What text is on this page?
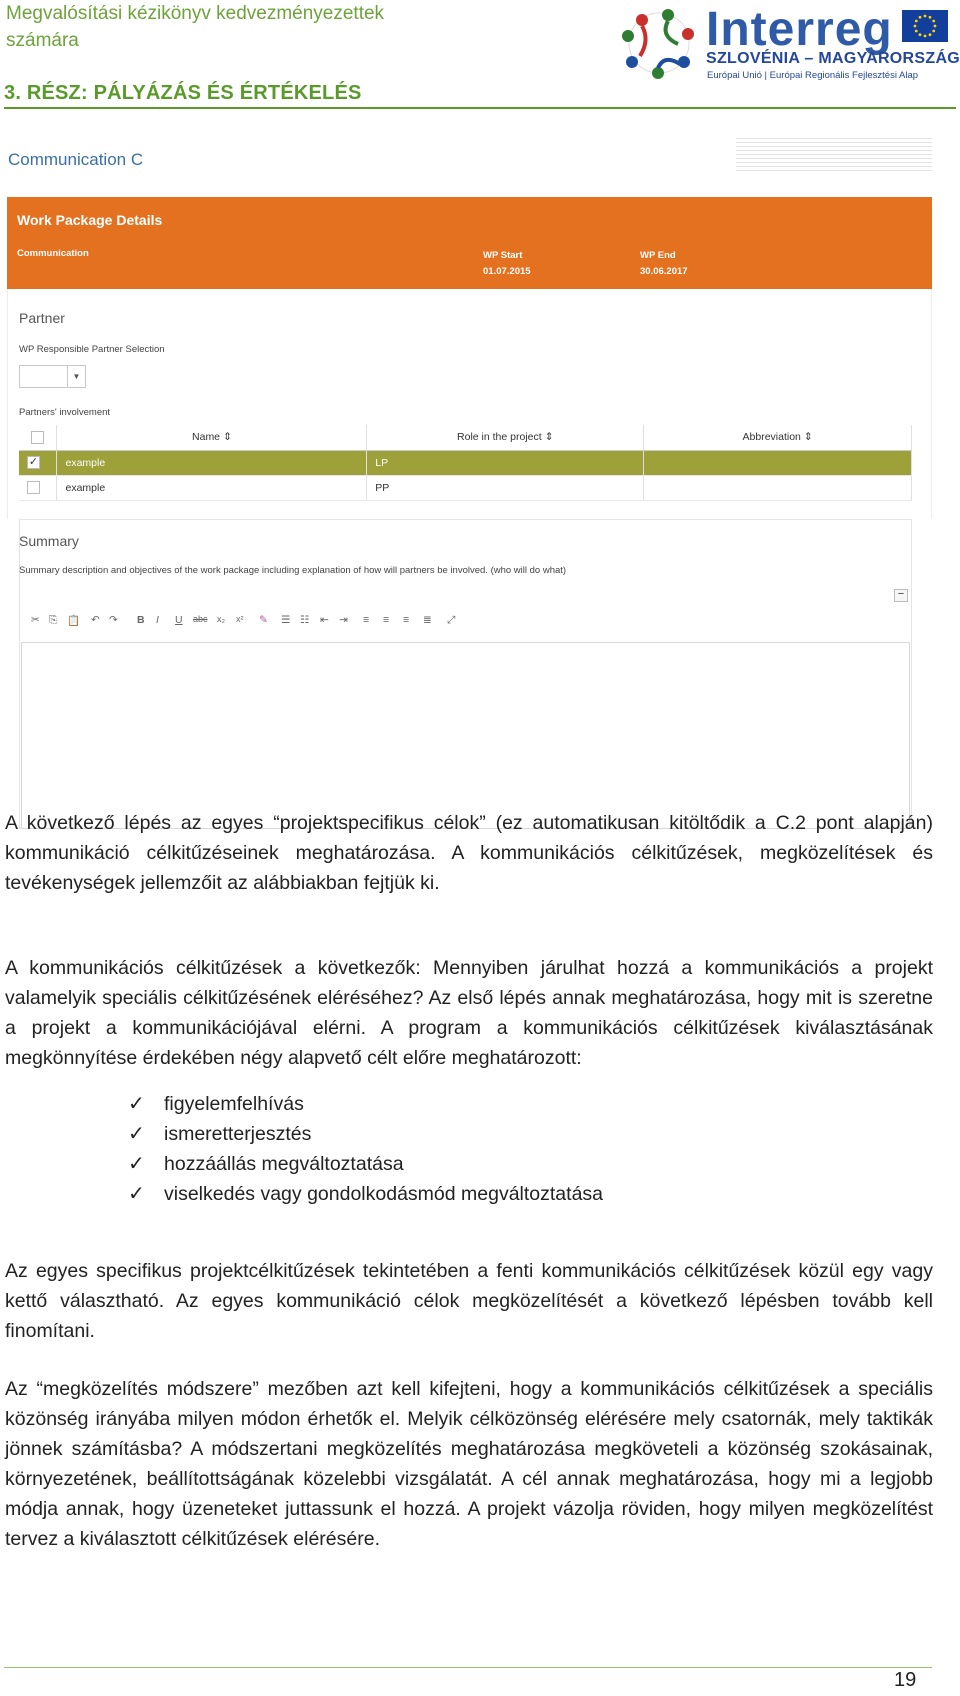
Megvalósítási kézikönyv kedvezményezettek számára
3. RÉSZ: PÁLYÁZÁS ÉS ÉRTÉKELÉS
Interreg
SZLOVÉNIA – MAGYARORSZÁG
Európai Unió | Európai Regionális Fejlesztési Alap
Communication C
Work Package Details
Communication	WP Start
01.07.2015
WP End
30.06.2017
Partner
WP Responsible Partner Selection
▼
Partners' involvement
	Name ⇕	Role in the project ⇕	Abbreviation ⇕
✓	example	LP	
	example	PP	
Summary
Summary description and objectives of the work package including explanation of how will partners be involved. (who will do what)
−
✂ ⎘ 📋 ↶ ↷ B I U abc x₂ x² ✎ ☰ ☷ ⇤ ⇥ ≡ ≡ ≡ ≣ ⤢

A következő lépés az egyes “projektspecifikus célok” (ez automatikusan kitöltődik a C.2 pont alapján) kommunikáció célkitűzéseinek meghatározása. A kommunikációs célkitűzések, megközelítések és tevékenységek jellemzőit az alábbiakban fejtjük ki.

A kommunikációs célkitűzések a következők: Mennyiben járulhat hozzá a kommunikációs a projekt valamelyik speciális célkitűzésének eléréséhez? Az első lépés annak meghatározása, hogy mit is szeretne a projekt a kommunikációjával elérni. A program a kommunikációs célkitűzések kiválasztásának megkönnyítése érdekében négy alapvető célt előre meghatározott:

✓ figyelemfelhívás
✓ ismeretterjesztés
✓ hozzáállás megváltoztatása
✓ viselkedés vagy gondolkodásmód megváltoztatása

Az egyes specifikus projektcélkitűzések tekintetében a fenti kommunikációs célkitűzések közül egy vagy kettő választható. Az egyes kommunikáció célok megközelítését a következő lépésben tovább kell finomítani.

Az “megközelítés módszere” mezőben azt kell kifejteni, hogy a kommunikációs célkitűzések a speciális közönség irányába milyen módon érhetők el. Melyik célközönség elérésére mely csatornák, mely taktikák jönnek számításba? A módszertani megközelítés meghatározása megköveteli a közönség szokásainak, környezetének, beállítottságának közelebbi vizsgálatát. A cél annak meghatározása, hogy mi a legjobb módja annak, hogy üzeneteket juttassunk el hozzá. A projekt vázolja röviden, hogy milyen megközelítést tervez a kiválasztott célkitűzések elérésére.

19
